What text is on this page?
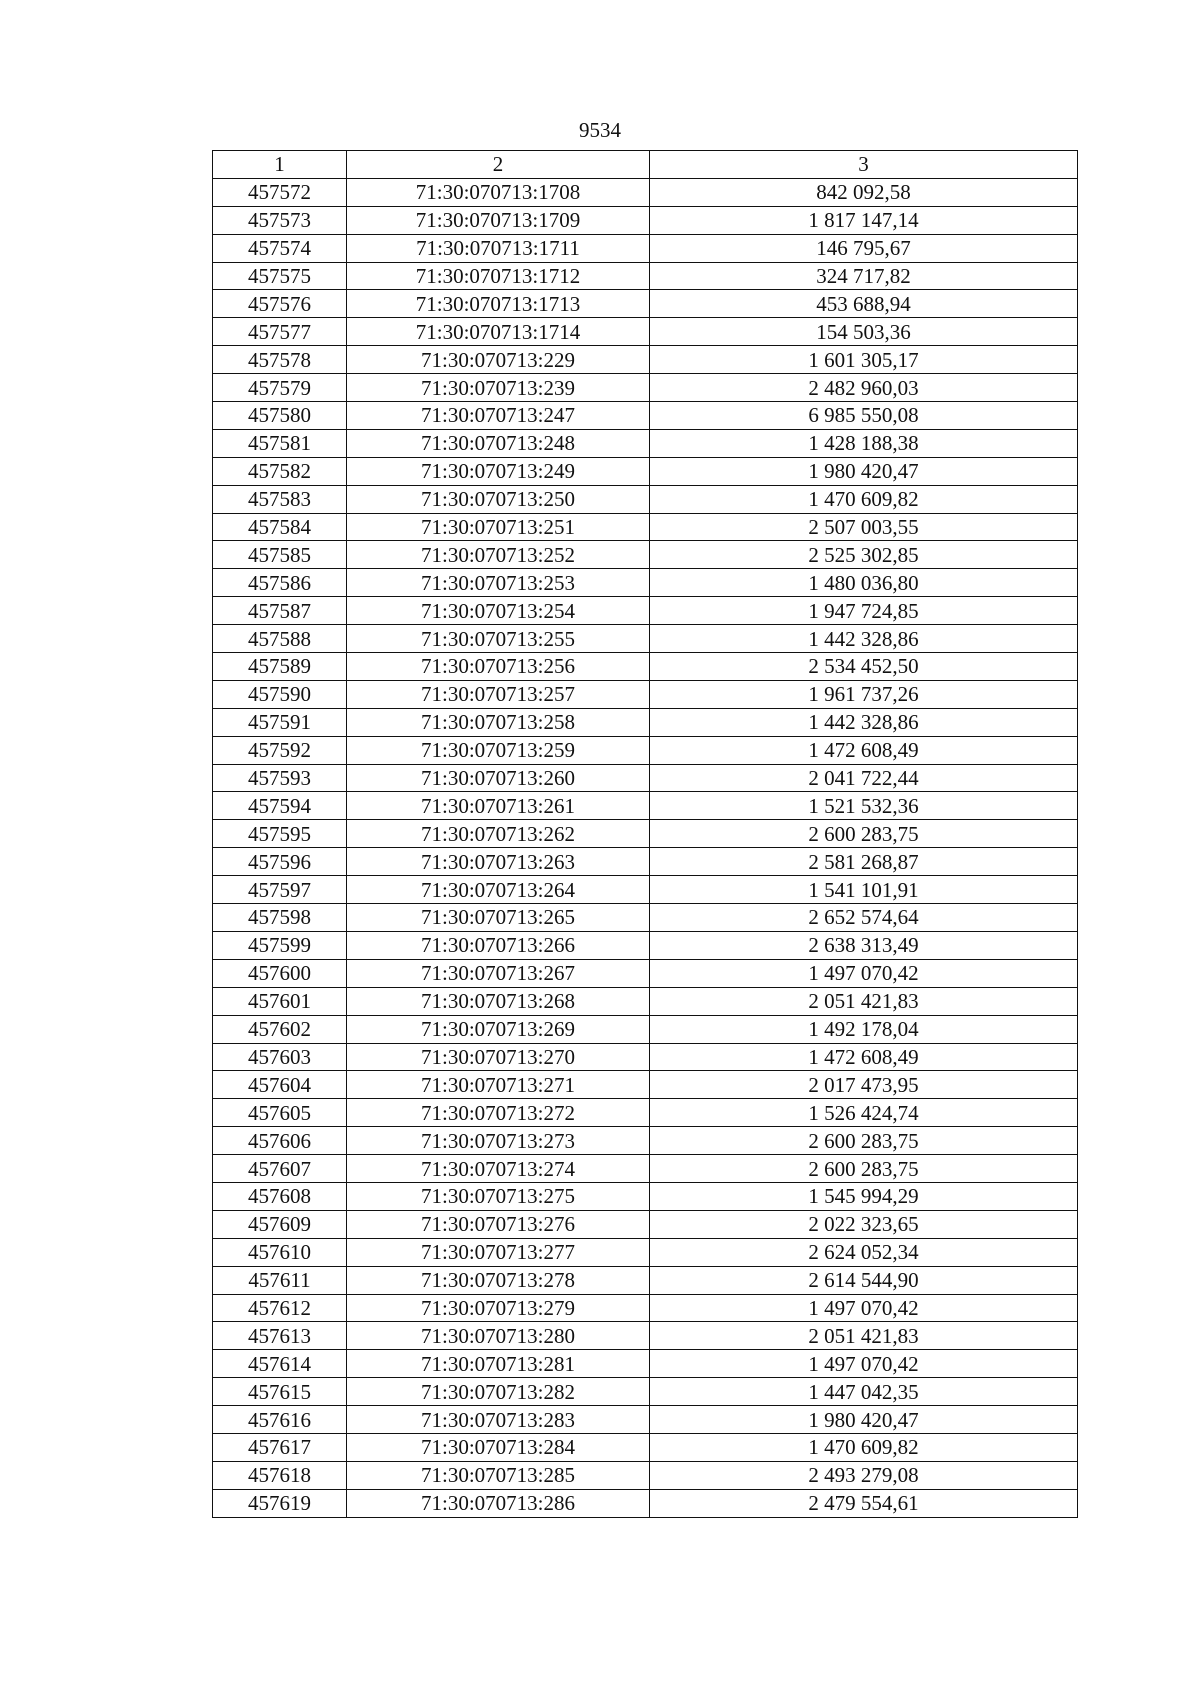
9534
1	2	3
457572	71:30:070713:1708	842 092,58
457573	71:30:070713:1709	1 817 147,14
457574	71:30:070713:1711	146 795,67
457575	71:30:070713:1712	324 717,82
457576	71:30:070713:1713	453 688,94
457577	71:30:070713:1714	154 503,36
457578	71:30:070713:229	1 601 305,17
457579	71:30:070713:239	2 482 960,03
457580	71:30:070713:247	6 985 550,08
457581	71:30:070713:248	1 428 188,38
457582	71:30:070713:249	1 980 420,47
457583	71:30:070713:250	1 470 609,82
457584	71:30:070713:251	2 507 003,55
457585	71:30:070713:252	2 525 302,85
457586	71:30:070713:253	1 480 036,80
457587	71:30:070713:254	1 947 724,85
457588	71:30:070713:255	1 442 328,86
457589	71:30:070713:256	2 534 452,50
457590	71:30:070713:257	1 961 737,26
457591	71:30:070713:258	1 442 328,86
457592	71:30:070713:259	1 472 608,49
457593	71:30:070713:260	2 041 722,44
457594	71:30:070713:261	1 521 532,36
457595	71:30:070713:262	2 600 283,75
457596	71:30:070713:263	2 581 268,87
457597	71:30:070713:264	1 541 101,91
457598	71:30:070713:265	2 652 574,64
457599	71:30:070713:266	2 638 313,49
457600	71:30:070713:267	1 497 070,42
457601	71:30:070713:268	2 051 421,83
457602	71:30:070713:269	1 492 178,04
457603	71:30:070713:270	1 472 608,49
457604	71:30:070713:271	2 017 473,95
457605	71:30:070713:272	1 526 424,74
457606	71:30:070713:273	2 600 283,75
457607	71:30:070713:274	2 600 283,75
457608	71:30:070713:275	1 545 994,29
457609	71:30:070713:276	2 022 323,65
457610	71:30:070713:277	2 624 052,34
457611	71:30:070713:278	2 614 544,90
457612	71:30:070713:279	1 497 070,42
457613	71:30:070713:280	2 051 421,83
457614	71:30:070713:281	1 497 070,42
457615	71:30:070713:282	1 447 042,35
457616	71:30:070713:283	1 980 420,47
457617	71:30:070713:284	1 470 609,82
457618	71:30:070713:285	2 493 279,08
457619	71:30:070713:286	2 479 554,61
